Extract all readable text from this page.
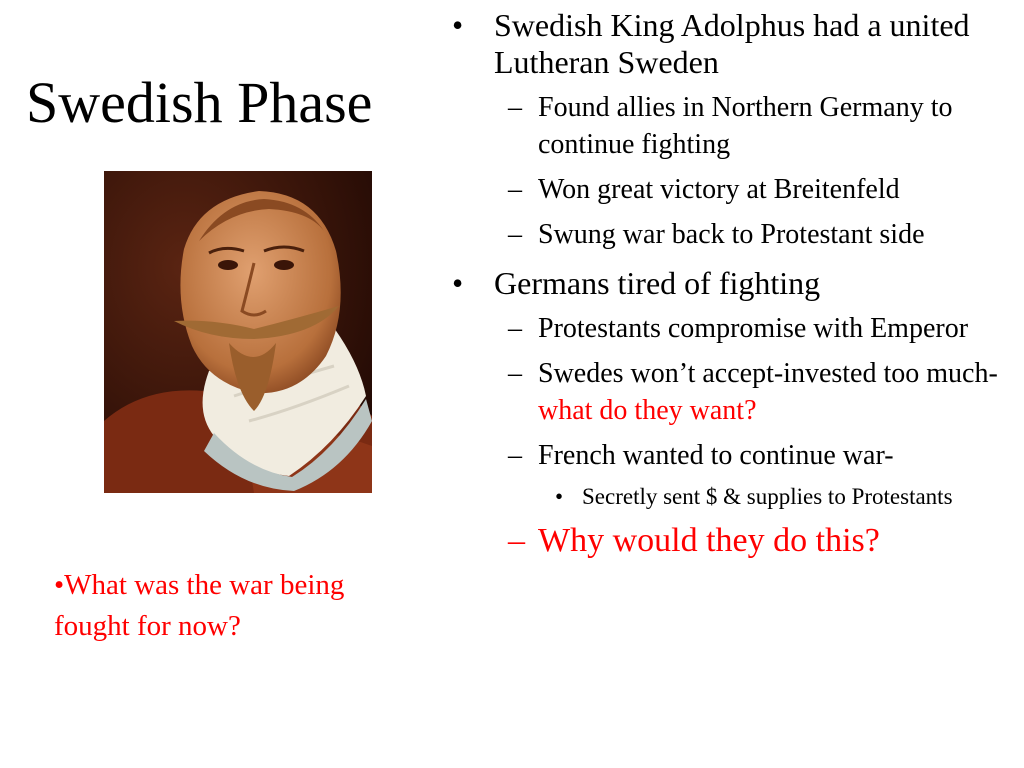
Swedish Phase
•What was the war being fought for now?
• Swedish King Adolphus had a united Lutheran Sweden
– Found allies in Northern Germany to continue fighting
– Won great victory at Breitenfeld
– Swung war back to Protestant side
• Germans tired of fighting
– Protestants compromise with Emperor
– Swedes won’t accept-invested too much- what do they want?
– French wanted to continue war-
• Secretly sent $ & supplies to Protestants
– Why would they do this?
